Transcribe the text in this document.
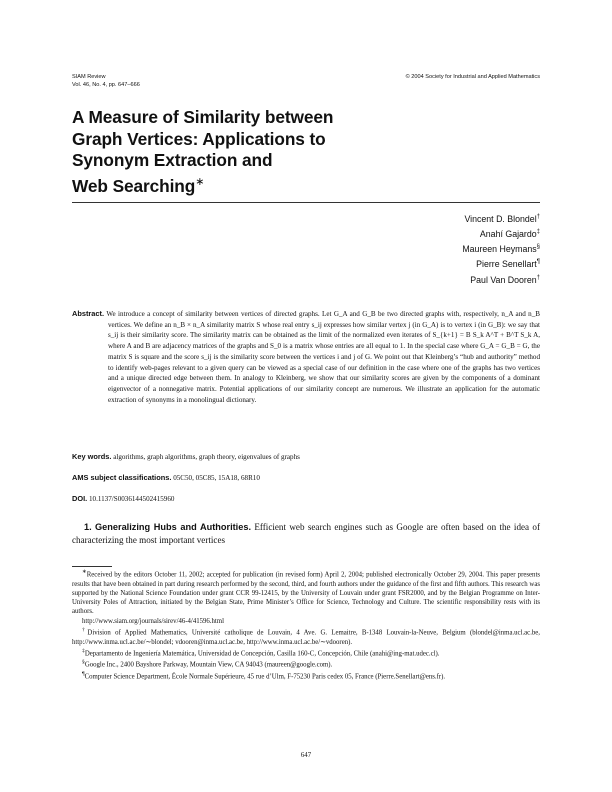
SIAM Review
Vol. 46, No. 4, pp. 647–666
© 2004 Society for Industrial and Applied Mathematics
A Measure of Similarity between
Graph Vertices: Applications to
Synonym Extraction and
Web Searching∗
Vincent D. Blondel†
Anahí Gajardo‡
Maureen Heymans§
Pierre Senellart¶
Paul Van Dooren†
Abstract. We introduce a concept of similarity between vertices of directed graphs. Let G_A and G_B be two directed graphs with, respectively, n_A and n_B vertices. We define an n_B × n_A similarity matrix S whose real entry s_ij expresses how similar vertex j (in G_A) is to vertex i (in G_B): we say that s_ij is their similarity score. The similarity matrix can be obtained as the limit of the normalized even iterates of S_{k+1} = B S_k A^T + B^T S_k A, where A and B are adjacency matrices of the graphs and S_0 is a matrix whose entries are all equal to 1. In the special case where G_A = G_B = G, the matrix S is square and the score s_ij is the similarity score between the vertices i and j of G. We point out that Kleinberg’s “hub and authority” method to identify web-pages relevant to a given query can be viewed as a special case of our definition in the case where one of the graphs has two vertices and a unique directed edge between them. In analogy to Kleinberg, we show that our similarity scores are given by the components of a dominant eigenvector of a nonnegative matrix. Potential applications of our similarity concept are numerous. We illustrate an application for the automatic extraction of synonyms in a monolingual dictionary.
Key words. algorithms, graph algorithms, graph theory, eigenvalues of graphs
AMS subject classifications. 05C50, 05C85, 15A18, 68R10
DOI. 10.1137/S0036144502415960
1. Generalizing Hubs and Authorities. Efficient web search engines such as Google are often based on the idea of characterizing the most important vertices

∗Received by the editors October 11, 2002; accepted for publication (in revised form) April 2, 2004; published electronically October 29, 2004. This paper presents results that have been obtained in part during research performed by the second, third, and fourth authors under the guidance of the first and fifth authors. This research was supported by the National Science Foundation under grant CCR 99-12415, by the University of Louvain under grant FSR2000, and by the Belgian Programme on Inter-University Poles of Attraction, initiated by the Belgian State, Prime Minister’s Office for Science, Technology and Culture. The scientific responsibility rests with its authors.

http://www.siam.org/journals/sirev/46-4/41596.html

†Division of Applied Mathematics, Université catholique de Louvain, 4 Ave. G. Lemaitre, B-1348 Louvain-la-Neuve, Belgium (blondel@inma.ucl.ac.be, http://www.inma.ucl.ac.be/∼blondel; vdooren@inma.ucl.ac.be, http://www.inma.ucl.ac.be/∼vdooren).

‡Departamento de Ingeniería Matemática, Universidad de Concepción, Casilla 160-C, Concepción, Chile (anahi@ing-mat.udec.cl).

§Google Inc., 2400 Bayshore Parkway, Mountain View, CA 94043 (maureen@google.com).

¶Computer Science Department, École Normale Supérieure, 45 rue d’Ulm, F-75230 Paris cedex 05, France (Pierre.Senellart@ens.fr).

647
